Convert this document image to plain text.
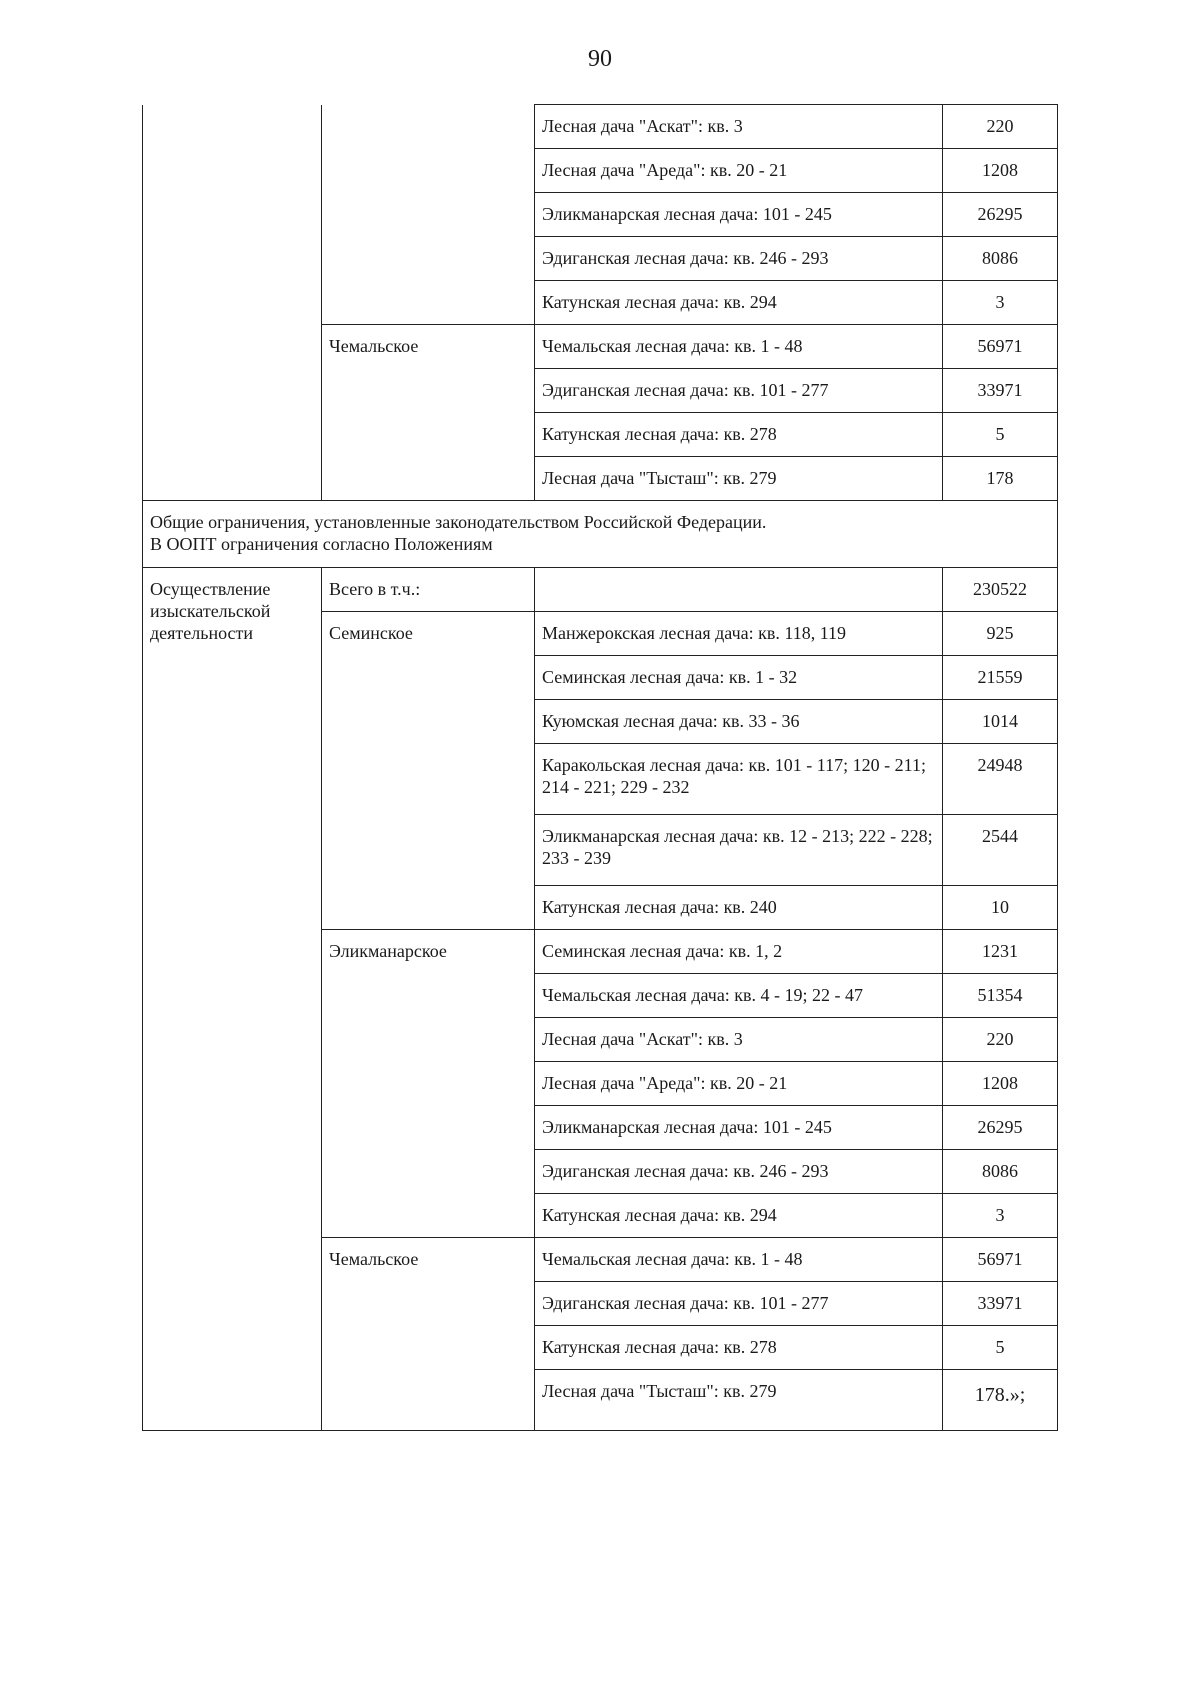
90
		Лесная дача "Аскат": кв. 3	220
		Лесная дача "Ареда": кв. 20 - 21	1208
		Эликманарская лесная дача: 101 - 245	26295
		Эдиганская лесная дача: кв. 246 - 293	8086
		Катунская лесная дача: кв. 294	3
	Чемальское	Чемальская лесная дача: кв. 1 - 48	56971
		Эдиганская лесная дача: кв. 101 - 277	33971
		Катунская лесная дача: кв. 278	5
		Лесная дача "Тысташ": кв. 279	178

Общие ограничения, установленные законодательством Российской Федерации.
В ООПТ ограничения согласно Положениям			

Осуществление изыскательской деятельности	Всего в т.ч.:		230522
	Семинское	Манжерокская лесная дача: кв. 118, 119	925
		Семинская лесная дача: кв. 1 - 32	21559
		Куюмская лесная дача: кв. 33 - 36	1014
		Каракольская лесная дача: кв. 101 - 117; 120 - 211; 214 - 221; 229 - 232	24948
		Эликманарская лесная дача: кв. 12 - 213; 222 - 228; 233 - 239	2544
		Катунская лесная дача: кв. 240	10
	Эликманарское	Семинская лесная дача: кв. 1, 2	1231
		Чемальская лесная дача: кв. 4 - 19; 22 - 47	51354
		Лесная дача "Аскат": кв. 3	220
		Лесная дача "Ареда": кв. 20 - 21	1208
		Эликманарская лесная дача: 101 - 245	26295
		Эдиганская лесная дача: кв. 246 - 293	8086
		Катунская лесная дача: кв. 294	3
	Чемальское	Чемальская лесная дача: кв. 1 - 48	56971
		Эдиганская лесная дача: кв. 101 - 277	33971
		Катунская лесная дача: кв. 278	5
		Лесная дача "Тысташ": кв. 279	178.»;
